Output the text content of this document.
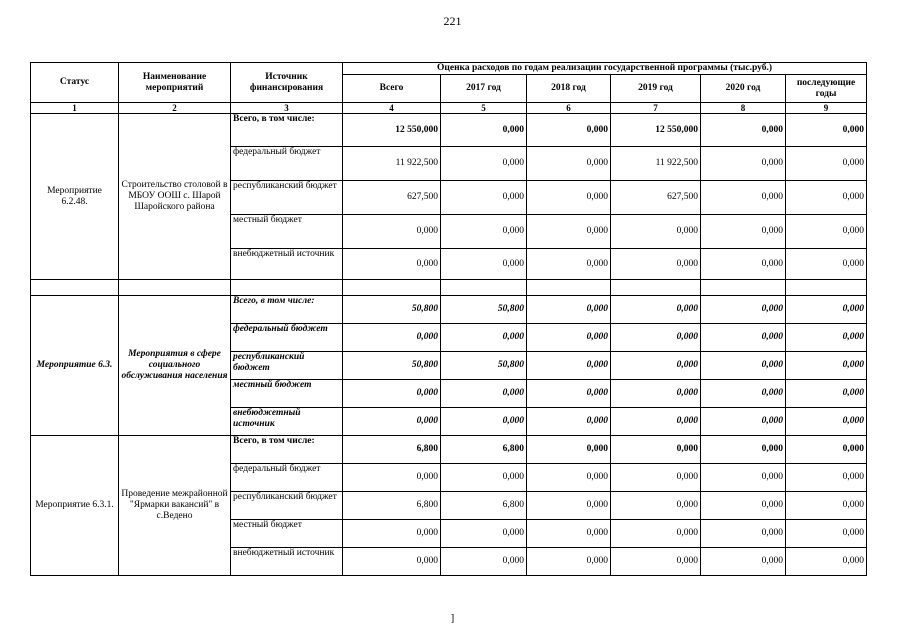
221
Статус	Наименование мероприятий	Источник финансирования	Оценка расходов по годам реализации государственной программы (тыс.руб.)					
			Всего	2017 год	2018 год	2019 год	2020 год	последующие годы
1	2	3	4	5	6	7	8	9
Мероприятие 6.2.48.	Строительство столовой в МБОУ ООШ с. Шарой Шаройского района	Всего, в том числе:	12 550,000	0,000	0,000	12 550,000	0,000	0,000
		федеральный бюджет	11 922,500	0,000	0,000	11 922,500	0,000	0,000
		республиканский бюджет	627,500	0,000	0,000	627,500	0,000	0,000
		местный бюджет	0,000	0,000	0,000	0,000	0,000	0,000
		внебюджетный источник	0,000	0,000	0,000	0,000	0,000	0,000

Мероприятие 6.3.	Мероприятия в сфере социального обслуживания населения	Всего, в том числе:	50,800	50,800	0,000	0,000	0,000	0,000
		федеральный бюджет	0,000	0,000	0,000	0,000	0,000	0,000
		республиканский бюджет	50,800	50,800	0,000	0,000	0,000	0,000
		местный бюджет	0,000	0,000	0,000	0,000	0,000	0,000
		внебюджетный источник	0,000	0,000	0,000	0,000	0,000	0,000
Мероприятие 6.3.1.	Проведение межрайонной "Ярмарки вакансий" в с.Ведено	Всего, в том числе:	6,800	6,800	0,000	0,000	0,000	0,000
		федеральный бюджет	0,000	0,000	0,000	0,000	0,000	0,000
		республиканский бюджет	6,800	6,800	0,000	0,000	0,000	0,000
		местный бюджет	0,000	0,000	0,000	0,000	0,000	0,000
		внебюджетный источник	0,000	0,000	0,000	0,000	0,000	0,000
]
